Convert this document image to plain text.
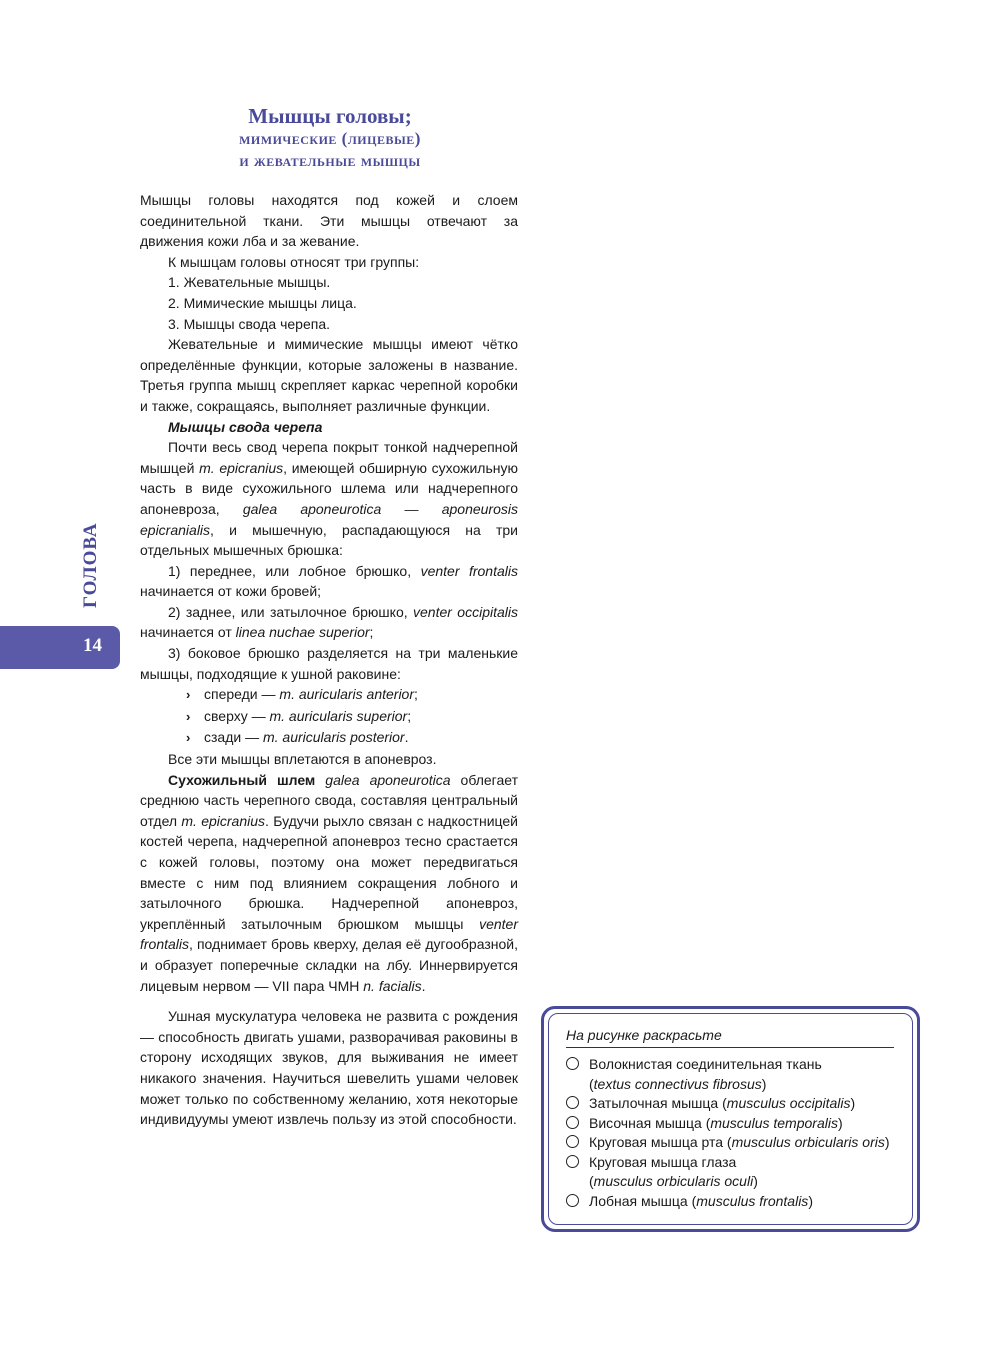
Мышцы головы;
мимические (лицевые)
и жевательные мышцы
ГОЛОВА
14

Мышцы головы находятся под кожей и слоем соединительной ткани. Эти мышцы отвечают за движения кожи лба и за жевание.

К мышцам головы относят три группы:

1. Жевательные мышцы.

2. Мимические мышцы лица.

3. Мышцы свода черепа.

Жевательные и мимические мышцы имеют чётко определённые функции, которые заложены в название. Третья группа мышц скрепляет каркас черепной коробки и также, сокращаясь, выполняет различные функции.

Мышцы свода черепа

Почти весь свод черепа покрыт тонкой надчерепной мышцей m. epicranius, имеющей обширную сухожильную часть в виде сухожильного шлема или надчерепного апоневроза, galea aponeurotica — aponeurosis epicranialis, и мышечную, распадающуюся на три отдельных мышечных брюшка:

1) переднее, или лобное брюшко, venter frontalis начинается от кожи бровей;

2) заднее, или затылочное брюшко, venter occipitalis начинается от linea nuchae superior;

3) боковое брюшко разделяется на три маленькие мышцы, подходящие к ушной раковине:

› спереди — m. auricularis anterior;

› сверху — m. auricularis superior;

› сзади — m. auricularis posterior.

Все эти мышцы вплетаются в апоневроз.

Сухожильный шлем galea aponeurotica облегает среднюю часть черепного свода, составляя центральный отдел m. epicranius. Будучи рыхло связан с надкостницей костей черепа, надчерепной апоневроз тесно срастается с кожей головы, поэтому она может передвигаться вместе с ним под влиянием сокращения лобного и затылочного брюшка. Надчерепной апоневроз, укреплённый затылочным брюшком мышцы venter frontalis, поднимает бровь кверху, делая её дугообразной, и образует поперечные складки на лбу. Иннервируется лицевым нервом — VII пара ЧМН n. facialis.

Ушная мускулатура человека не развита с рождения — способность двигать ушами, разворачивая раковины в сторону исходящих звуков, для выживания не имеет никакого значения. Научиться шевелить ушами человек может только по собственному желанию, хотя некоторые индивидуумы умеют извлечь пользу из этой способности.

На рисунке раскрасьте
Волокнистая соединительная ткань
(textus connectivus fibrosus)
Затылочная мышца (musculus occipitalis)
Височная мышца (musculus temporalis)
Круговая мышца рта (musculus orbicularis oris)
Круговая мышца глаза
(musculus orbicularis oculi)
Лобная мышца (musculus frontalis)
